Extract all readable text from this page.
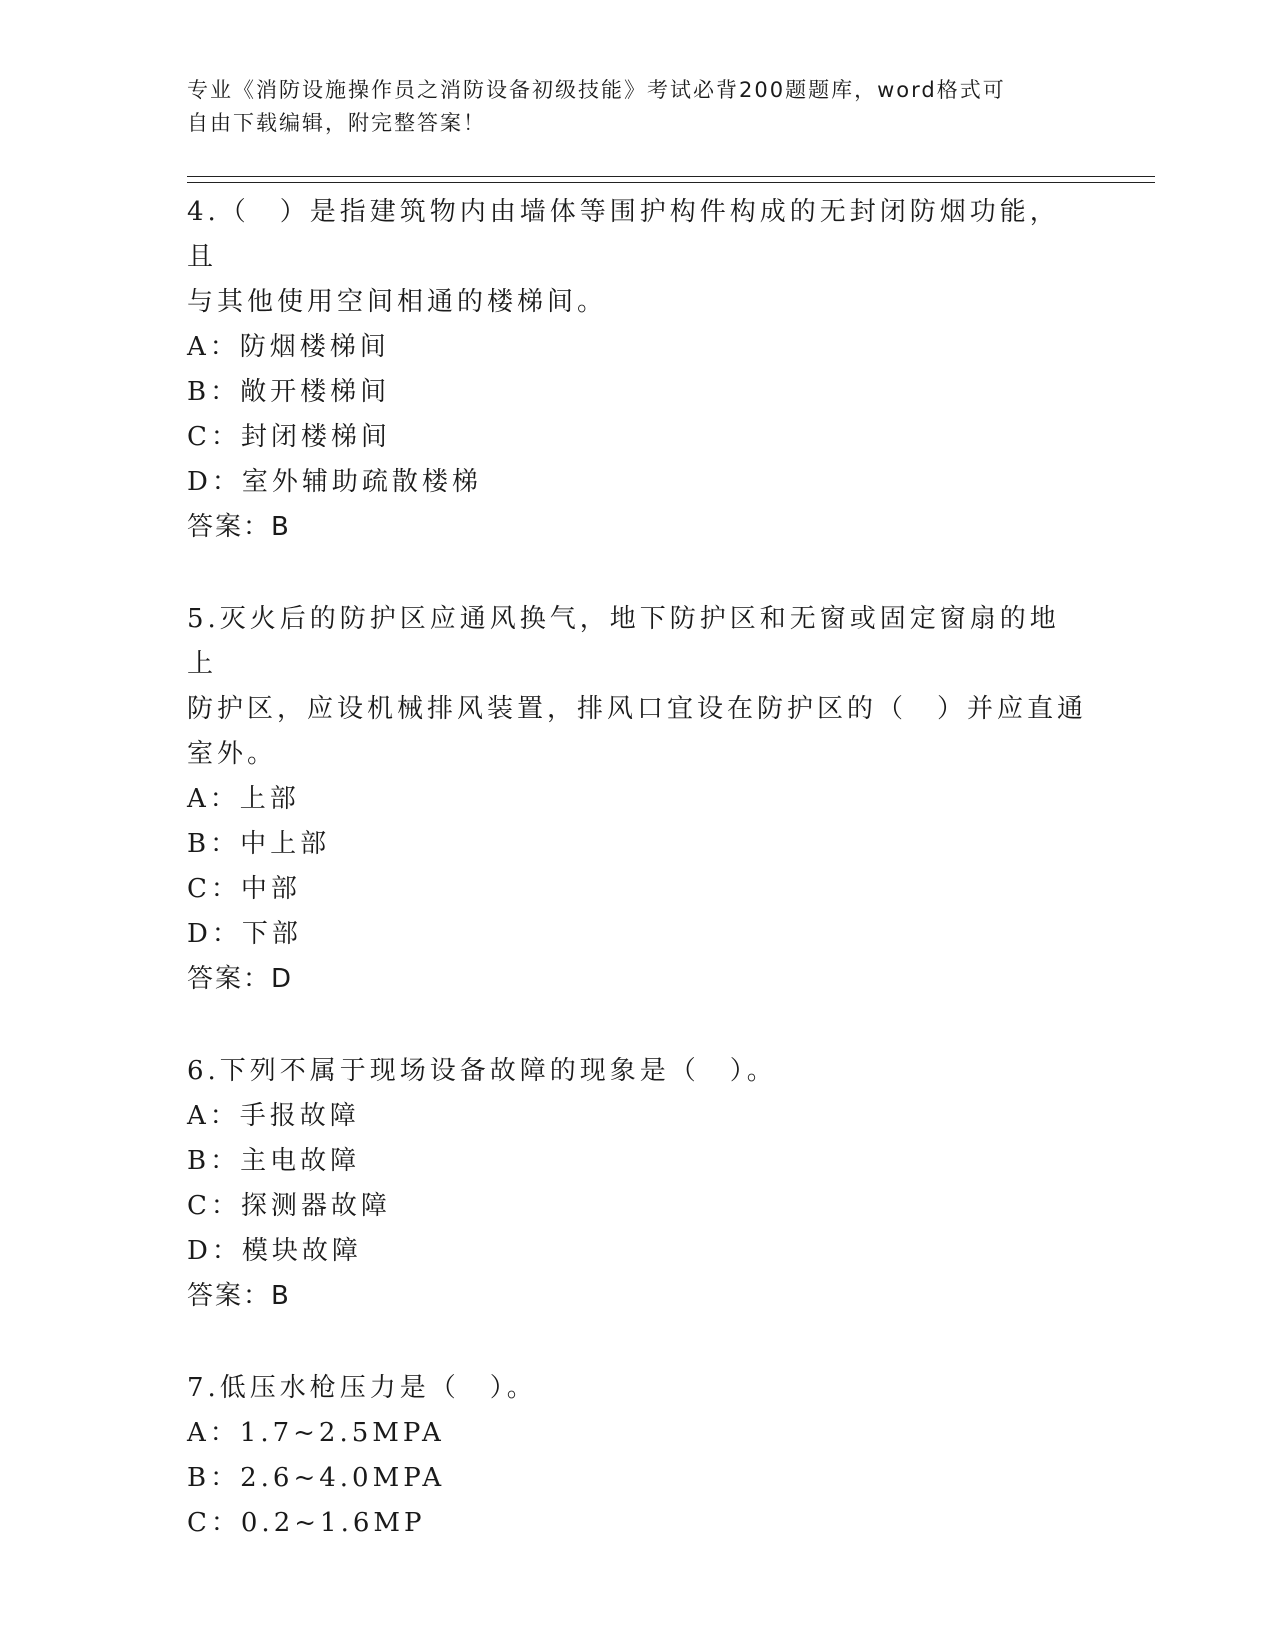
专业《消防设施操作员之消防设备初级技能》考试必背200题题库，word格式可
自由下载编辑，附完整答案！
4.（　）是指建筑物内由墙体等围护构件构成的无封闭防烟功能，且
与其他使用空间相通的楼梯间。
A：防烟楼梯间
B：敞开楼梯间
C：封闭楼梯间
D：室外辅助疏散楼梯
答案：B
5.灭火后的防护区应通风换气，地下防护区和无窗或固定窗扇的地上
防护区，应设机械排风装置，排风口宜设在防护区的（　）并应直通
室外。
A：上部
B：中上部
C：中部
D：下部
答案：D
6.下列不属于现场设备故障的现象是（　）。
A：手报故障
B：主电故障
C：探测器故障
D：模块故障
答案：B
7.低压水枪压力是（　）。
A：1.7~2.5MPA
B：2.6~4.0MPA
C：0.2~1.6MP
